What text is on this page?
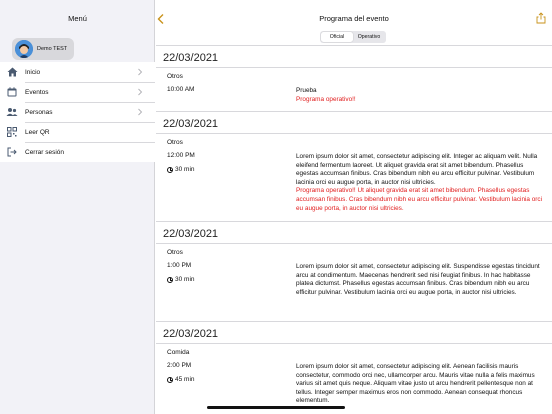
Menú
Demo TEST
Inicio
Eventos
Personas
Leer QR
Cerrar sesión
Programa del evento
Oficial	Operativo
22/03/2021
Otros
10:00 AM	Prueba
Programa operativo!!
22/03/2021
Otros
12:00 PM
30 min
Lorem ipsum dolor sit amet, consectetur adipiscing elit. Integer ac aliquam velit. Nulla eleifend fermentum laoreet. Ut aliquet gravida erat sit amet bibendum. Phasellus egestas accumsan finibus. Cras bibendum nibh eu arcu efficitur pulvinar. Vestibulum lacinia orci eu augue porta, in auctor nisi ultricies.
Programa operativo!! Ut aliquet gravida erat sit amet bibendum. Phasellus egestas accumsan finibus. Cras bibendum nibh eu arcu efficitur pulvinar. Vestibulum lacinia orci eu augue porta, in auctor nisi ultricies.
22/03/2021
Otros
1:00 PM
30 min
Lorem ipsum dolor sit amet, consectetur adipiscing elit. Suspendisse egestas tincidunt arcu at condimentum. Maecenas hendrerit sed nisi feugiat finibus. In hac habitasse platea dictumst. Phasellus egestas accumsan finibus. Cras bibendum nibh eu arcu efficitur pulvinar. Vestibulum lacinia orci eu augue porta, in auctor nisi ultricies.
22/03/2021
Comida
2:00 PM
45 min
Lorem ipsum dolor sit amet, consectetur adipiscing elit. Aenean facilisis mauris consectetur, commodo orci nec, ullamcorper arcu. Mauris vitae nulla a felis maximus varius sit amet quis neque. Aliquam vitae justo ut arcu hendrerit pellentesque non at tellus. Integer semper maximus eros non commodo. Aenean consequat rhoncus elementum.
